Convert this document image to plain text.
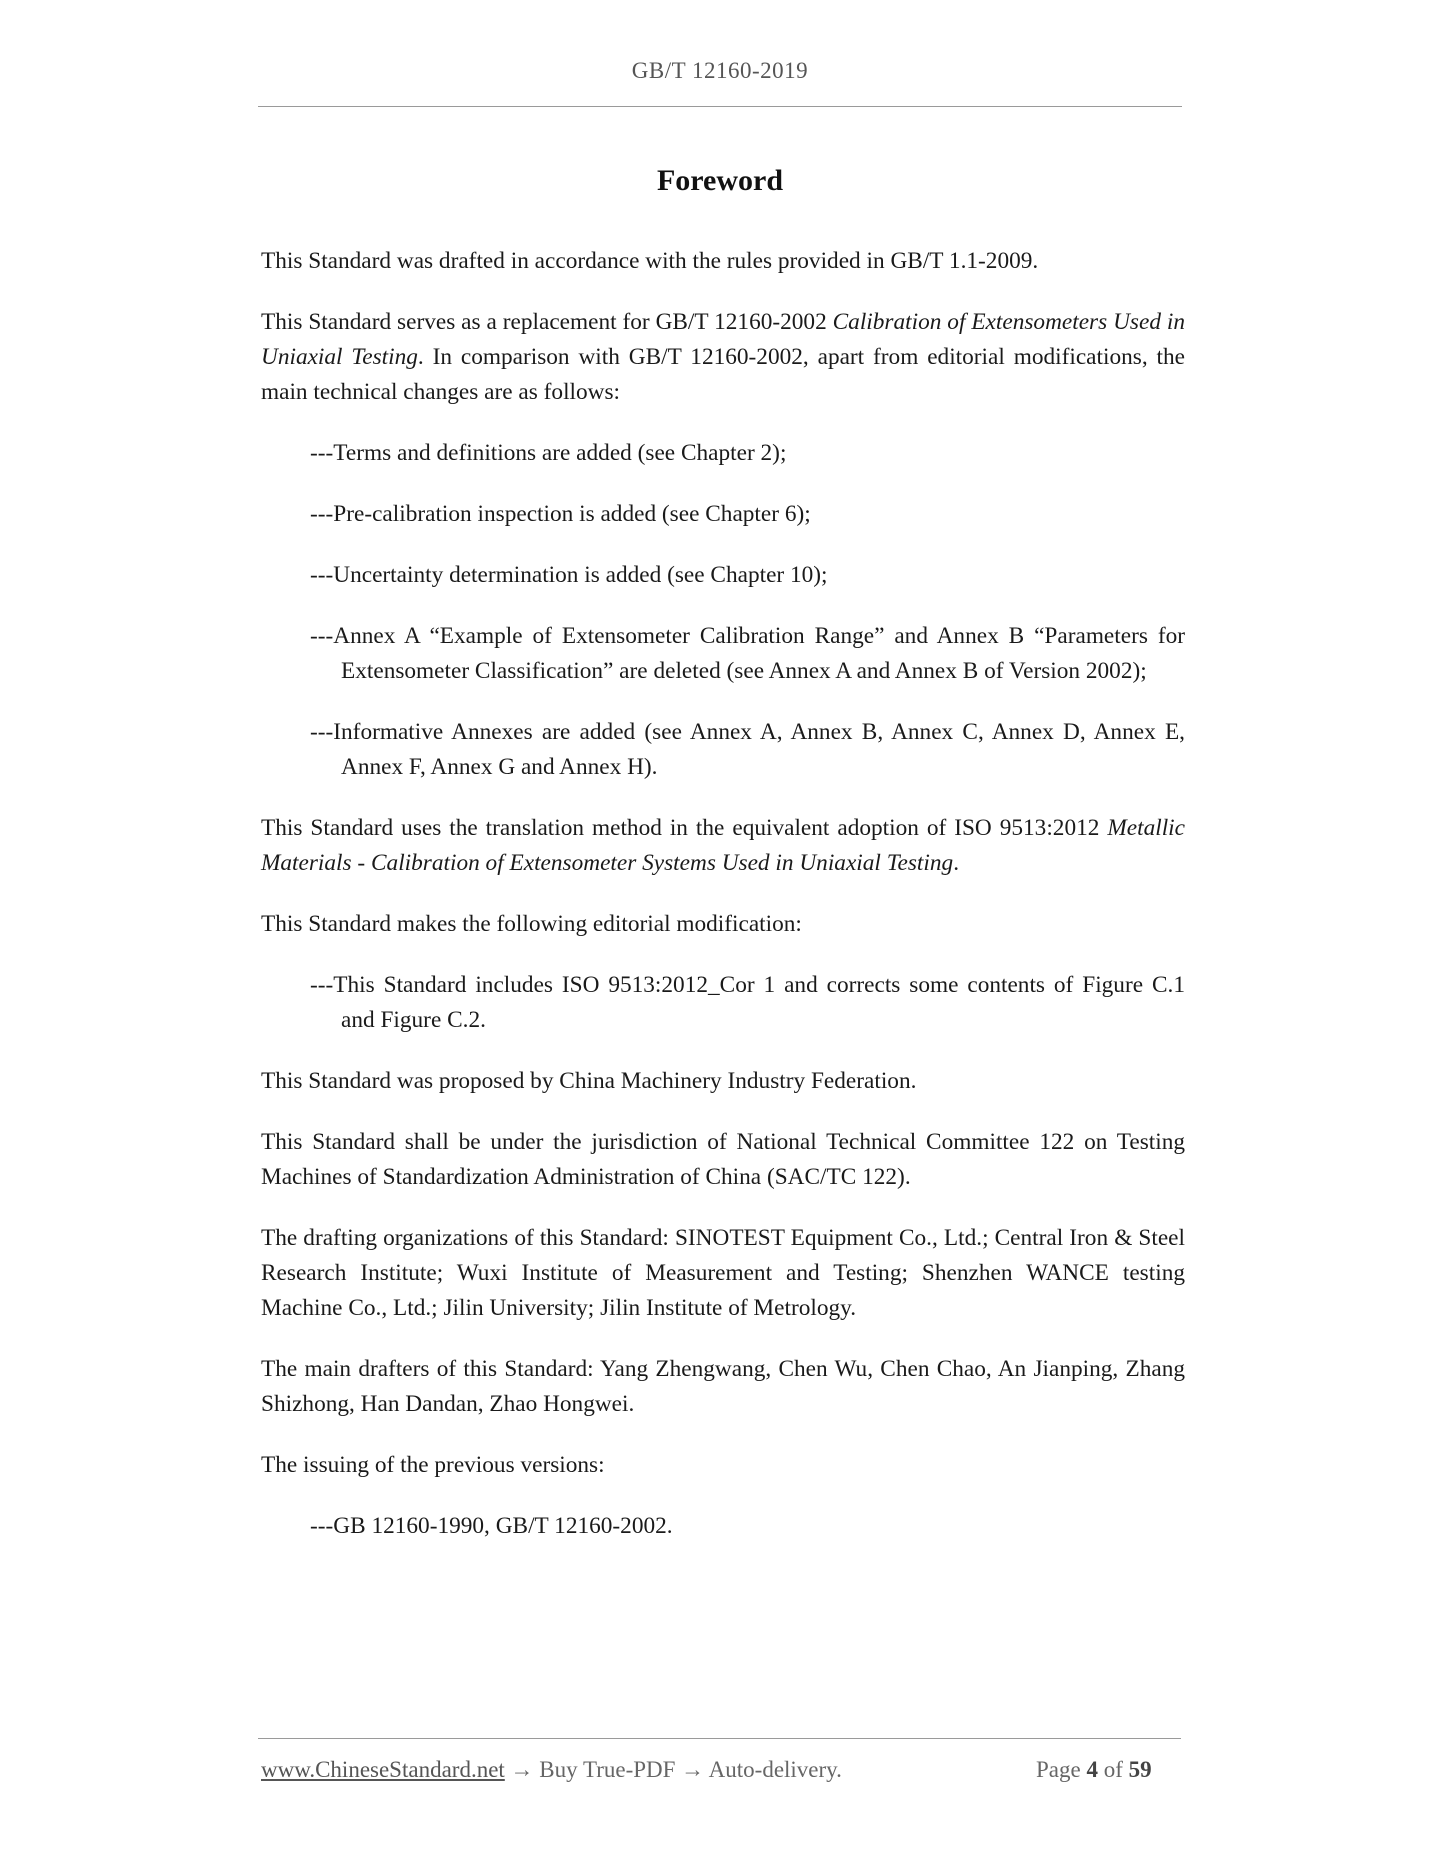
GB/T 12160-2019
Foreword

This Standard was drafted in accordance with the rules provided in GB/T 1.1-2009.

This Standard serves as a replacement for GB/T 12160-2002 Calibration of Extensometers Used in Uniaxial Testing. In comparison with GB/T 12160-2002, apart from editorial modifications, the main technical changes are as follows:

---Terms and definitions are added (see Chapter 2);

---Pre-calibration inspection is added (see Chapter 6);

---Uncertainty determination is added (see Chapter 10);

---Annex A “Example of Extensometer Calibration Range” and Annex B “Parameters for Extensometer Classification” are deleted (see Annex A and Annex B of Version 2002);

---Informative Annexes are added (see Annex A, Annex B, Annex C, Annex D, Annex E, Annex F, Annex G and Annex H).

This Standard uses the translation method in the equivalent adoption of ISO 9513:2012 Metallic Materials - Calibration of Extensometer Systems Used in Uniaxial Testing.

This Standard makes the following editorial modification:

---This Standard includes ISO 9513:2012_Cor 1 and corrects some contents of Figure C.1 and Figure C.2.

This Standard was proposed by China Machinery Industry Federation.

This Standard shall be under the jurisdiction of National Technical Committee 122 on Testing Machines of Standardization Administration of China (SAC/TC 122).

The drafting organizations of this Standard: SINOTEST Equipment Co., Ltd.; Central Iron & Steel Research Institute; Wuxi Institute of Measurement and Testing; Shenzhen WANCE testing Machine Co., Ltd.; Jilin University; Jilin Institute of Metrology.

The main drafters of this Standard: Yang Zhengwang, Chen Wu, Chen Chao, An Jianping, Zhang Shizhong, Han Dandan, Zhao Hongwei.

The issuing of the previous versions:

---GB 12160-1990, GB/T 12160-2002.

www.ChineseStandard.net → Buy True-PDF → Auto-delivery.	Page 4 of 59
